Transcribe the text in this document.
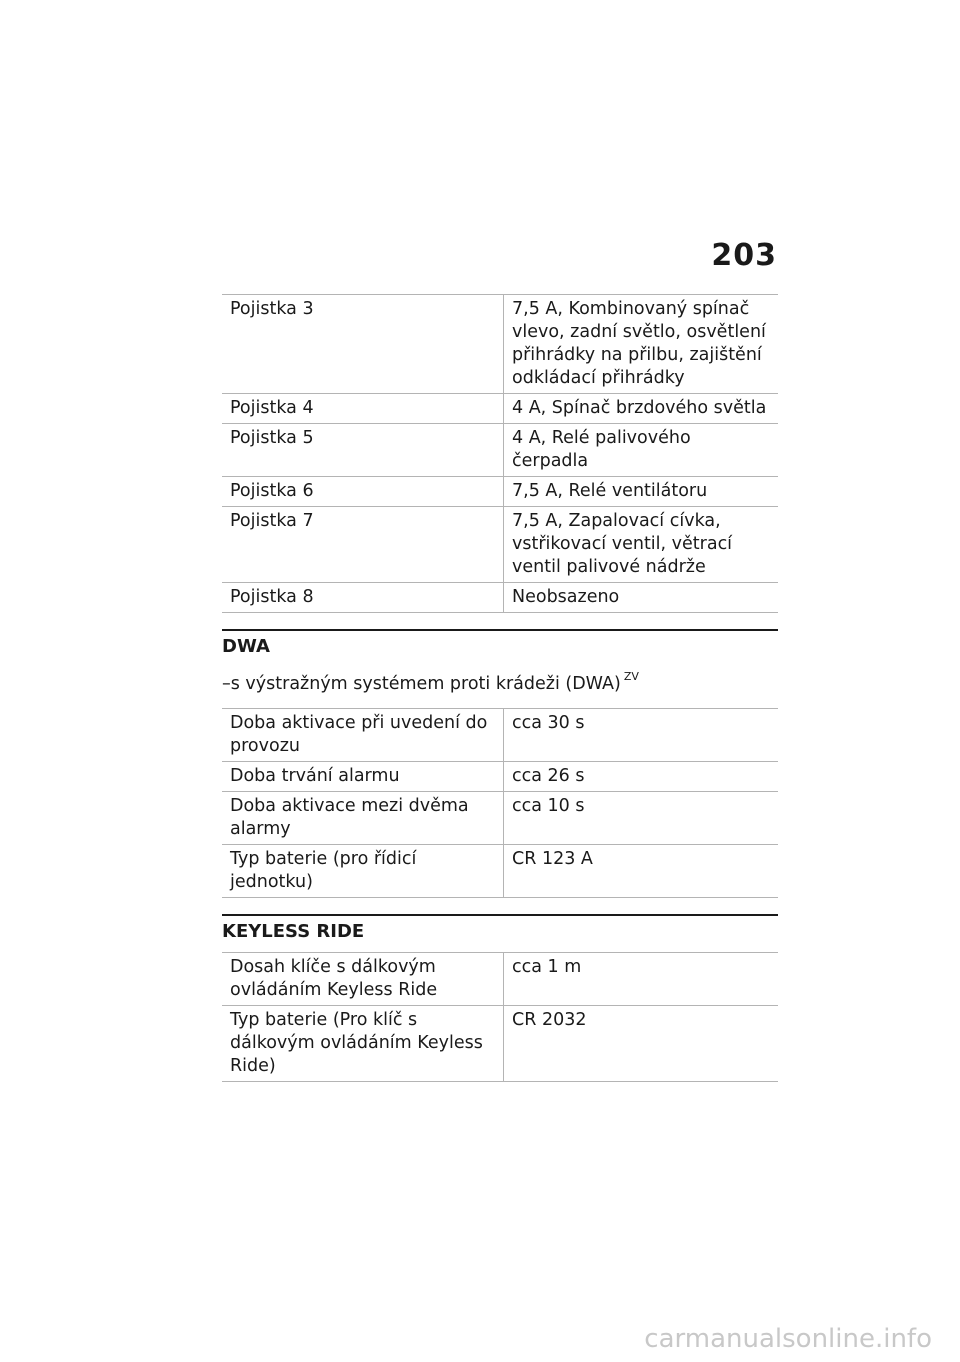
203
Pojistka 3	7,5 A, Kombinovaný spínač vlevo, zadní světlo, osvětlení přihrádky na přilbu, zajištění odkládací přihrádky
Pojistka 4	4 A, Spínač brzdového světla
Pojistka 5	4 A, Relé palivového čerpadla
Pojistka 6	7,5 A, Relé ventilátoru
Pojistka 7	7,5 A, Zapalovací cívka, vstřikovací ventil, větrací ventil palivové nádrže
Pojistka 8	Neobsazeno
DWA
–s výstražným systémem proti krádeži (DWA) $^{ZV}$
Doba aktivace při uvedení do provozu	cca 30 s
Doba trvání alarmu	cca 26 s
Doba aktivace mezi dvěma alarmy	cca 10 s
Typ baterie (pro řídicí jednotku)	CR 123 A
KEYLESS RIDE
Dosah klíče s dálkovým ovládáním Keyless Ride	cca 1 m
Typ baterie (Pro klíč s dálkovým ovládáním Keyless Ride)	CR 2032
carmanualsonline.info
